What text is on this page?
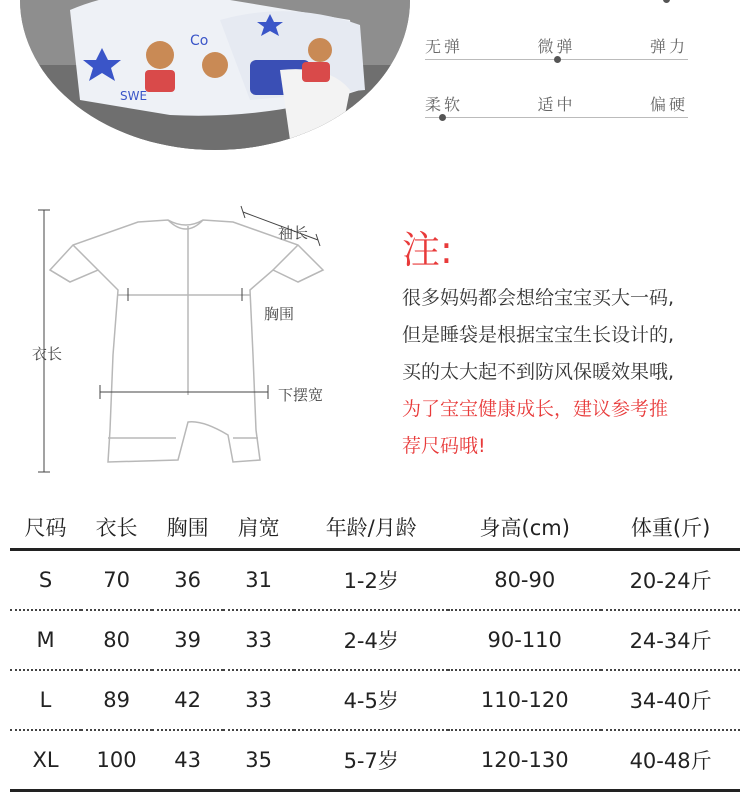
Co
SWE
无弹	微弹	弹力
柔软	适中	偏硬
袖长
胸围
衣长
下摆宽
注:

很多妈妈都会想给宝宝买大一码,

但是睡袋是根据宝宝生长设计的,

买的太大起不到防风保暖效果哦,

为了宝宝健康成长，建议参考推

荐尺码哦!

尺码	衣长	胸围	肩宽	年龄/月龄	身高(cm)	体重(斤)
S	70	36	31	1-2岁	80-90	20-24斤
M	80	39	33	2-4岁	90-110	24-34斤
L	89	42	33	4-5岁	110-120	34-40斤
XL	100	43	35	5-7岁	120-130	40-48斤
